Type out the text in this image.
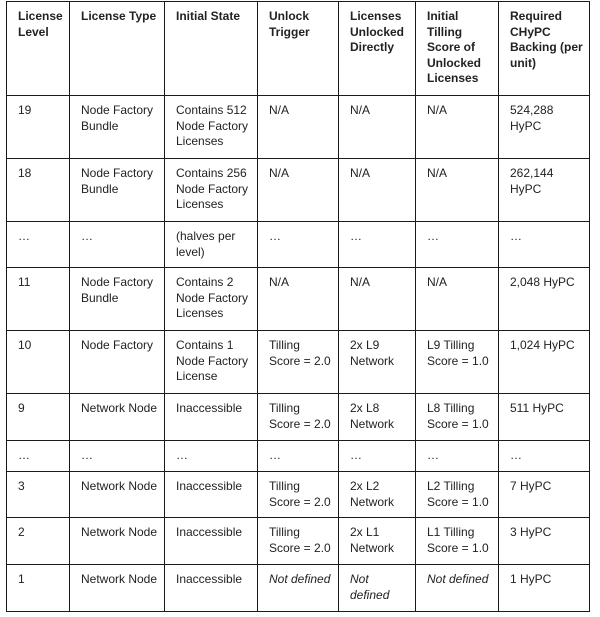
License Level	License Type	Initial State	Unlock Trigger	Licenses Unlocked Directly	Initial Tilling Score of Unlocked Licenses	Required CHyPC Backing (per unit)
19	Node Factory Bundle	Contains 512 Node Factory Licenses	N/A	N/A	N/A	524,288 HyPC
18	Node Factory Bundle	Contains 256 Node Factory Licenses	N/A	N/A	N/A	262,144 HyPC
…	…	(halves per level)	…	…	…	…
11	Node Factory Bundle	Contains 2 Node Factory Licenses	N/A	N/A	N/A	2,048 HyPC
10	Node Factory	Contains 1 Node Factory License	Tilling Score = 2.0	2x L9 Network	L9 Tilling Score = 1.0	1,024 HyPC
9	Network Node	Inaccessible	Tilling Score = 2.0	2x L8 Network	L8 Tilling Score = 1.0	511 HyPC
…	…	…	…	…	…	…
3	Network Node	Inaccessible	Tilling Score = 2.0	2x L2 Network	L2 Tilling Score = 1.0	7 HyPC
2	Network Node	Inaccessible	Tilling Score = 2.0	2x L1 Network	L1 Tilling Score = 1.0	3 HyPC
1	Network Node	Inaccessible	Not defined	Not defined	Not defined	1 HyPC
